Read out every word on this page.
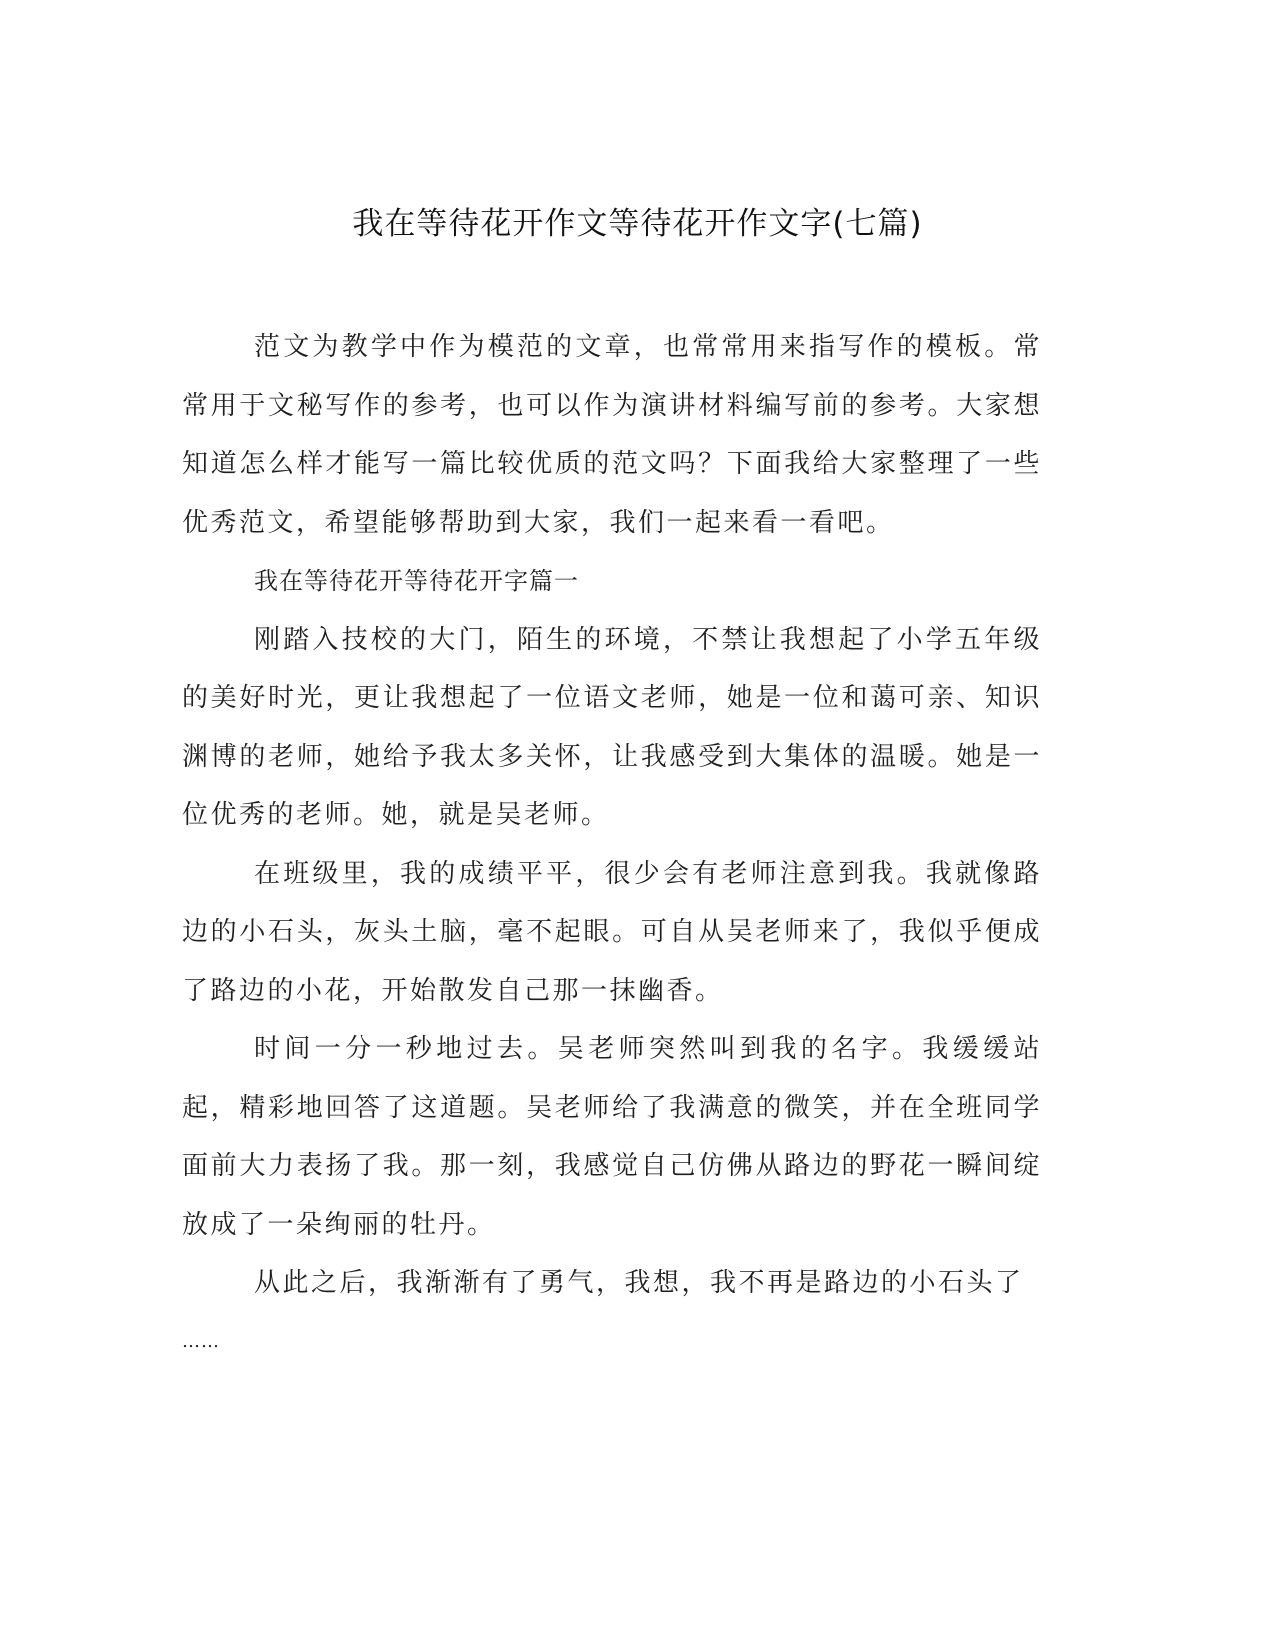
我在等待花开作文等待花开作文字(七篇)

范文为教学中作为模范的文章，也常常用来指写作的模板。常常用于文秘写作的参考，也可以作为演讲材料编写前的参考。大家想知道怎么样才能写一篇比较优质的范文吗？下面我给大家整理了一些优秀范文，希望能够帮助到大家，我们一起来看一看吧。

我在等待花开等待花开字篇一

刚踏入技校的大门，陌生的环境，不禁让我想起了小学五年级的美好时光，更让我想起了一位语文老师，她是一位和蔼可亲、知识渊博的老师，她给予我太多关怀，让我感受到大集体的温暖。她是一位优秀的老师。她，就是吴老师。

在班级里，我的成绩平平，很少会有老师注意到我。我就像路边的小石头，灰头土脑，毫不起眼。可自从吴老师来了，我似乎便成了路边的小花，开始散发自己那一抹幽香。

时间一分一秒地过去。吴老师突然叫到我的名字。我缓缓站起，精彩地回答了这道题。吴老师给了我满意的微笑，并在全班同学面前大力表扬了我。那一刻，我感觉自己仿佛从路边的野花一瞬间绽放成了一朵绚丽的牡丹。

从此之后，我渐渐有了勇气，我想，我不再是路边的小石头了

……
